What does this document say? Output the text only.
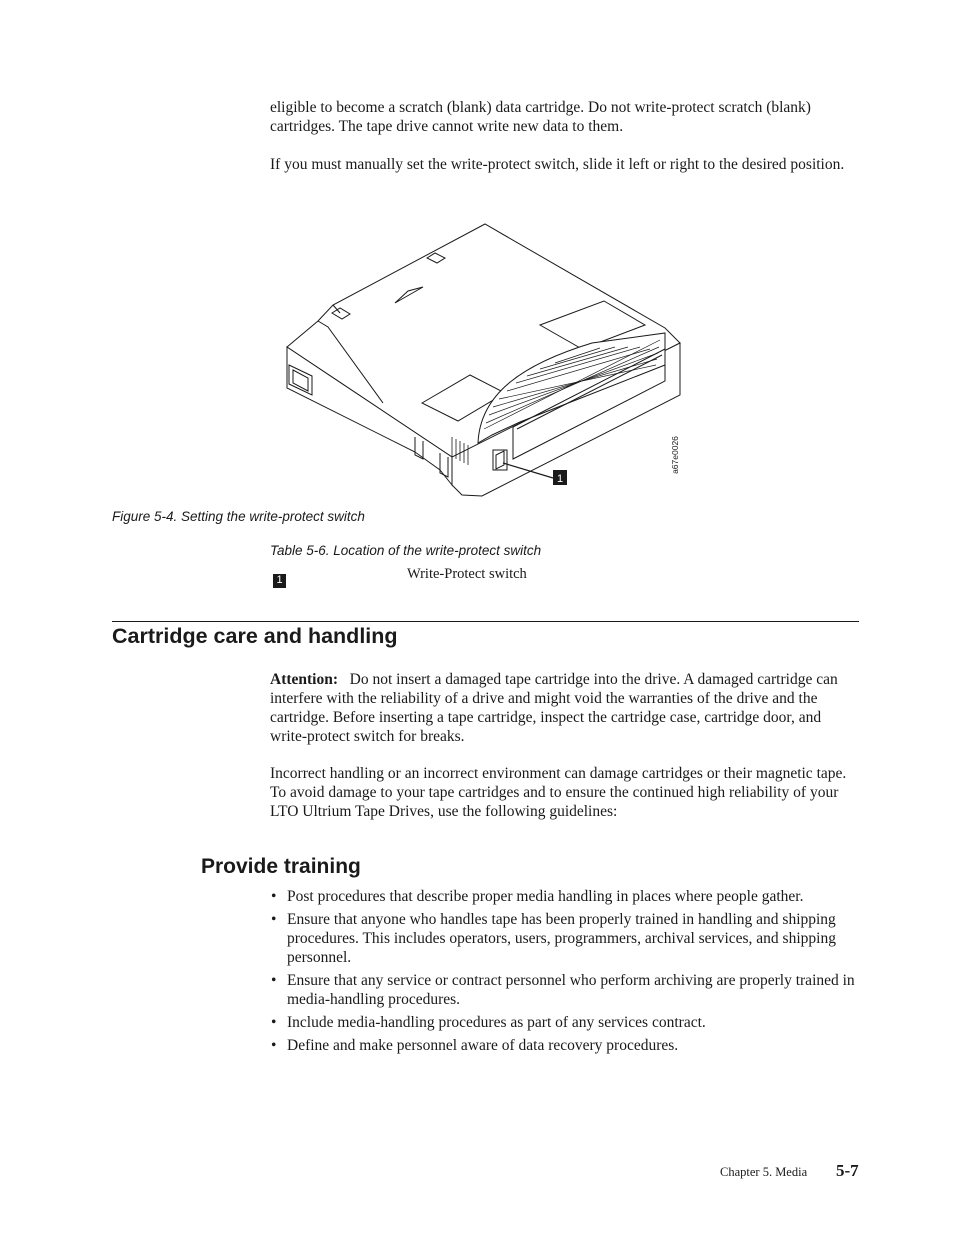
eligible to become a scratch (blank) data cartridge. Do not write-protect scratch (blank) cartridges. The tape drive cannot write new data to them.

If you must manually set the write-protect switch, slide it left or right to the desired position.

1
a67e0026
Figure 5-4. Setting the write-protect switch
Table 5-6. Location of the write-protect switch
1	Write-Protect switch
Cartridge care and handling

Attention: Do not insert a damaged tape cartridge into the drive. A damaged cartridge can interfere with the reliability of a drive and might void the warranties of the drive and the cartridge. Before inserting a tape cartridge, inspect the cartridge case, cartridge door, and write-protect switch for breaks.

Incorrect handling or an incorrect environment can damage cartridges or their magnetic tape. To avoid damage to your tape cartridges and to ensure the continued high reliability of your LTO Ultrium Tape Drives, use the following guidelines:

Provide training
• Post procedures that describe proper media handling in places where people gather.
• Ensure that anyone who handles tape has been properly trained in handling and shipping procedures. This includes operators, users, programmers, archival services, and shipping personnel.
• Ensure that any service or contract personnel who perform archiving are properly trained in media-handling procedures.
• Include media-handling procedures as part of any services contract.
• Define and make personnel aware of data recovery procedures.
Chapter 5. Media 5-7
